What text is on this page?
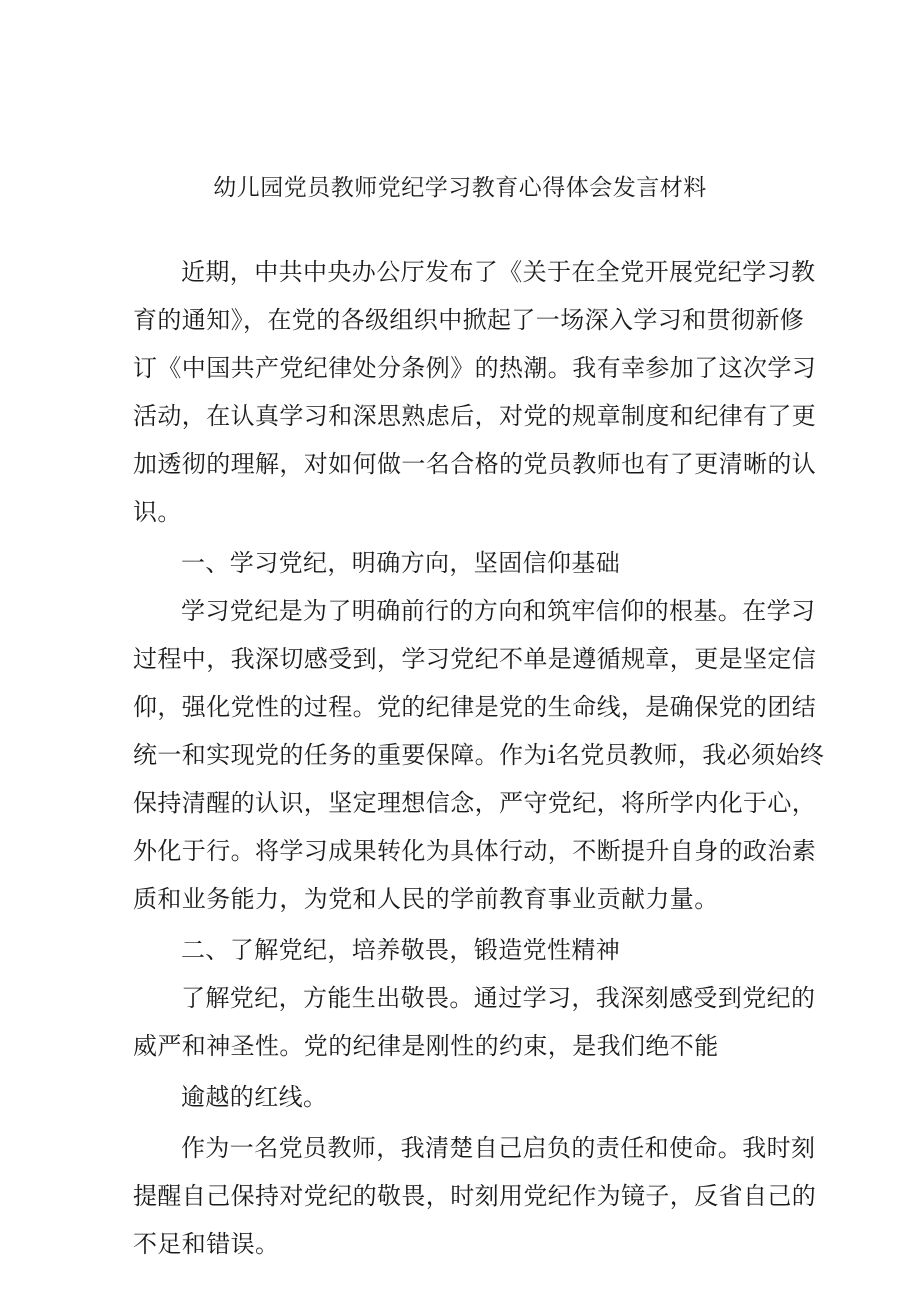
幼儿园党员教师党纪学习教育心得体会发言材料
近期，中共中央办公厅发布了《关于在全党开展党纪学习教
育的通知》，在党的各级组织中掀起了一场深入学习和贯彻新修
订《中国共产党纪律处分条例》的热潮。我有幸参加了这次学习
活动，在认真学习和深思熟虑后，对党的规章制度和纪律有了更
加透彻的理解，对如何做一名合格的党员教师也有了更清晰的认
识。
一、学习党纪，明确方向，坚固信仰基础
学习党纪是为了明确前行的方向和筑牢信仰的根基。在学习
过程中，我深切感受到，学习党纪不单是遵循规章，更是坚定信
仰，强化党性的过程。党的纪律是党的生命线，是确保党的团结
统一和实现党的任务的重要保障。作为i名党员教师，我必须始终
保持清醒的认识，坚定理想信念，严守党纪，将所学内化于心，
外化于行。将学习成果转化为具体行动，不断提升自身的政治素
质和业务能力，为党和人民的学前教育事业贡献力量。
二、了解党纪，培养敬畏，锻造党性精神
了解党纪，方能生出敬畏。通过学习，我深刻感受到党纪的
威严和神圣性。党的纪律是刚性的约束，是我们绝不能
逾越的红线。
作为一名党员教师，我清楚自己启负的责任和使命。我时刻
提醒自己保持对党纪的敬畏，时刻用党纪作为镜子，反省自己的
不足和错误。
